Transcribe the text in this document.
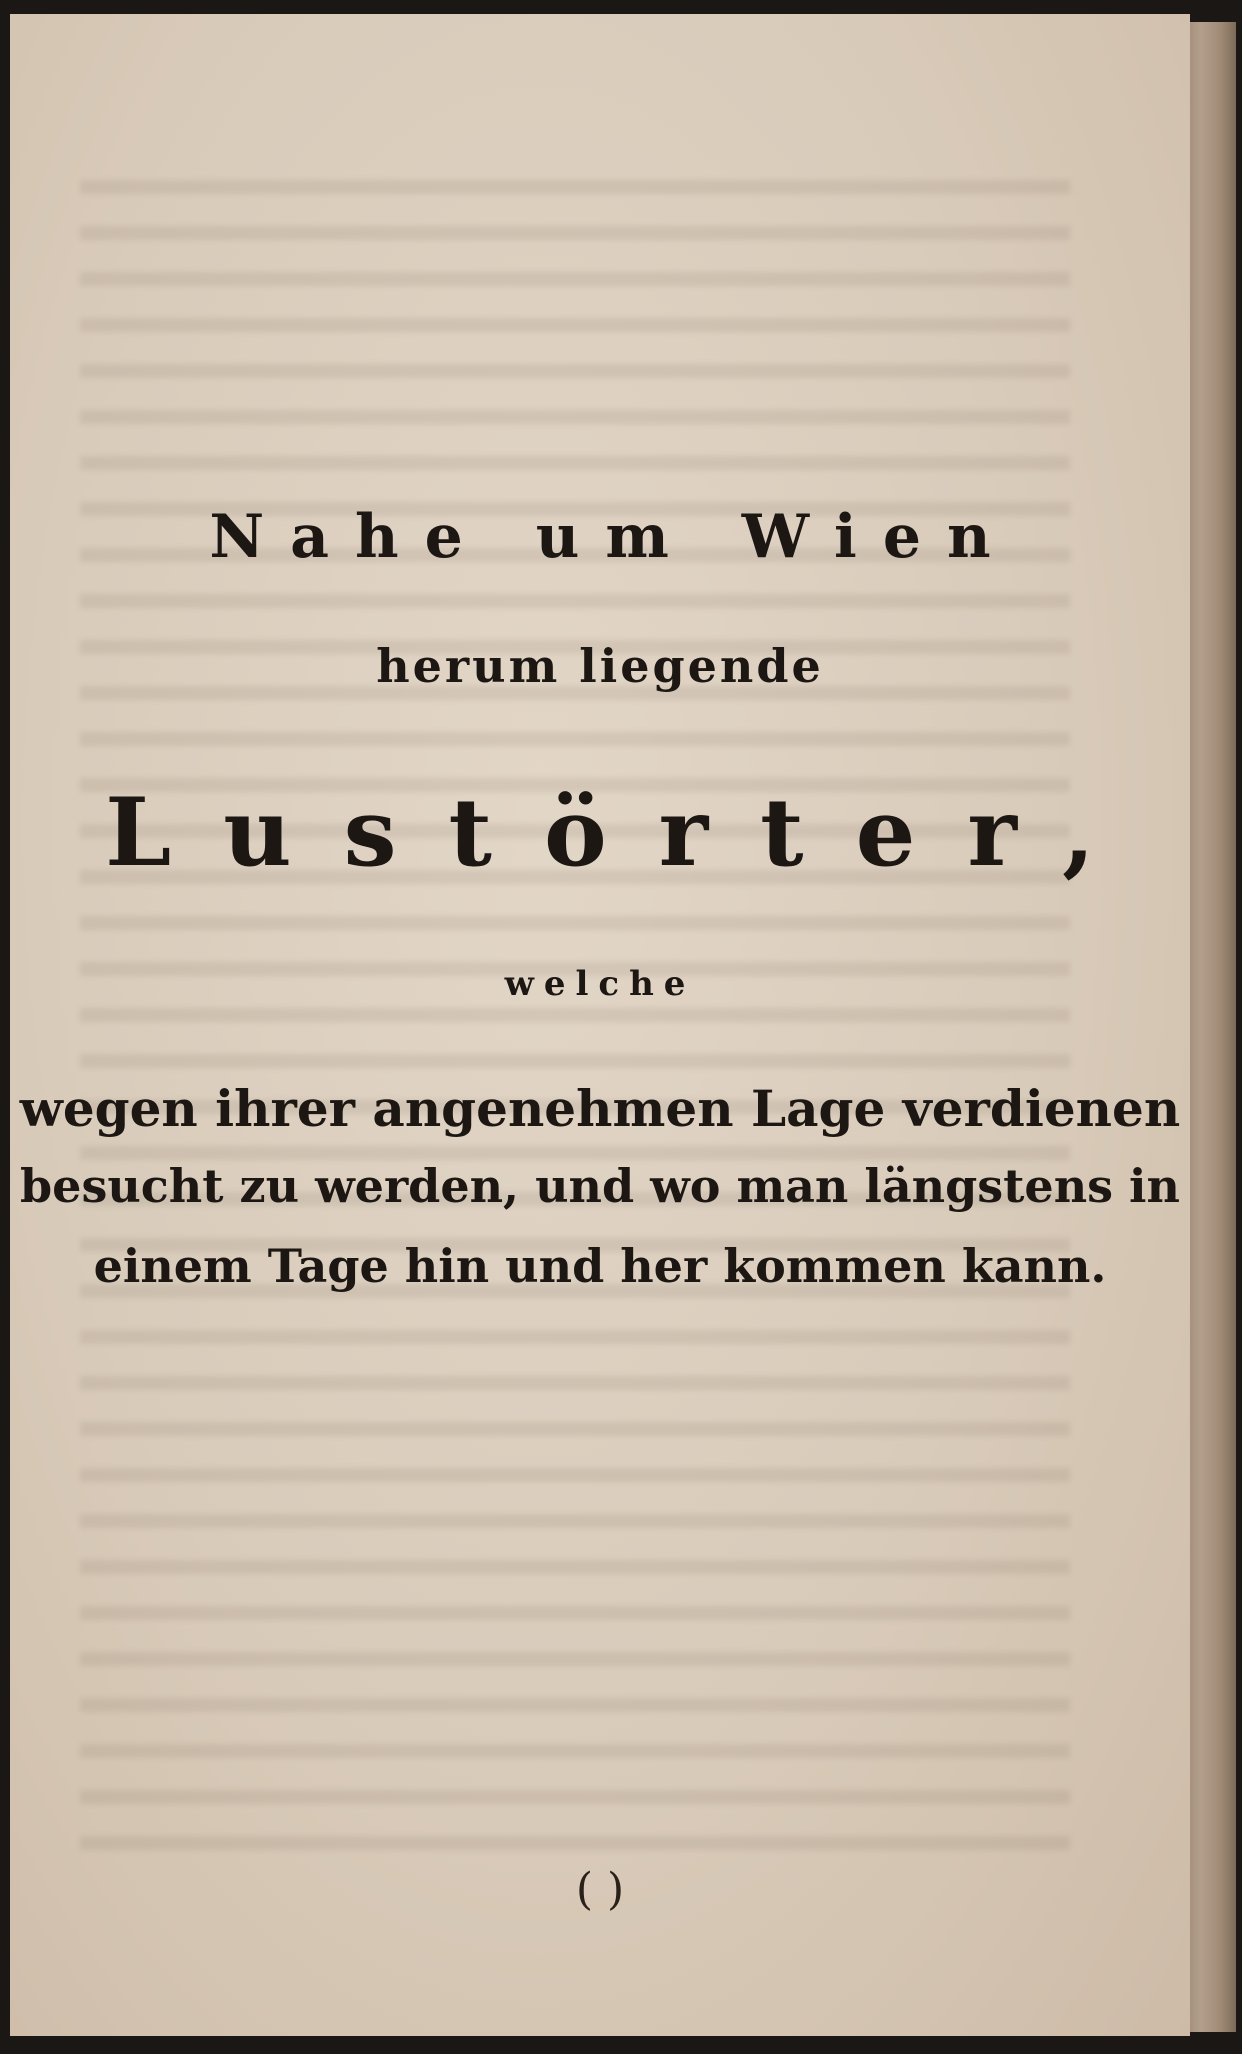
Nahe um Wien
herum liegende
Lustörter,
welche
wegen ihrer angenehmen Lage verdienen
besucht zu werden, und wo man längstens in
einem Tage hin und her kommen kann.
( )
